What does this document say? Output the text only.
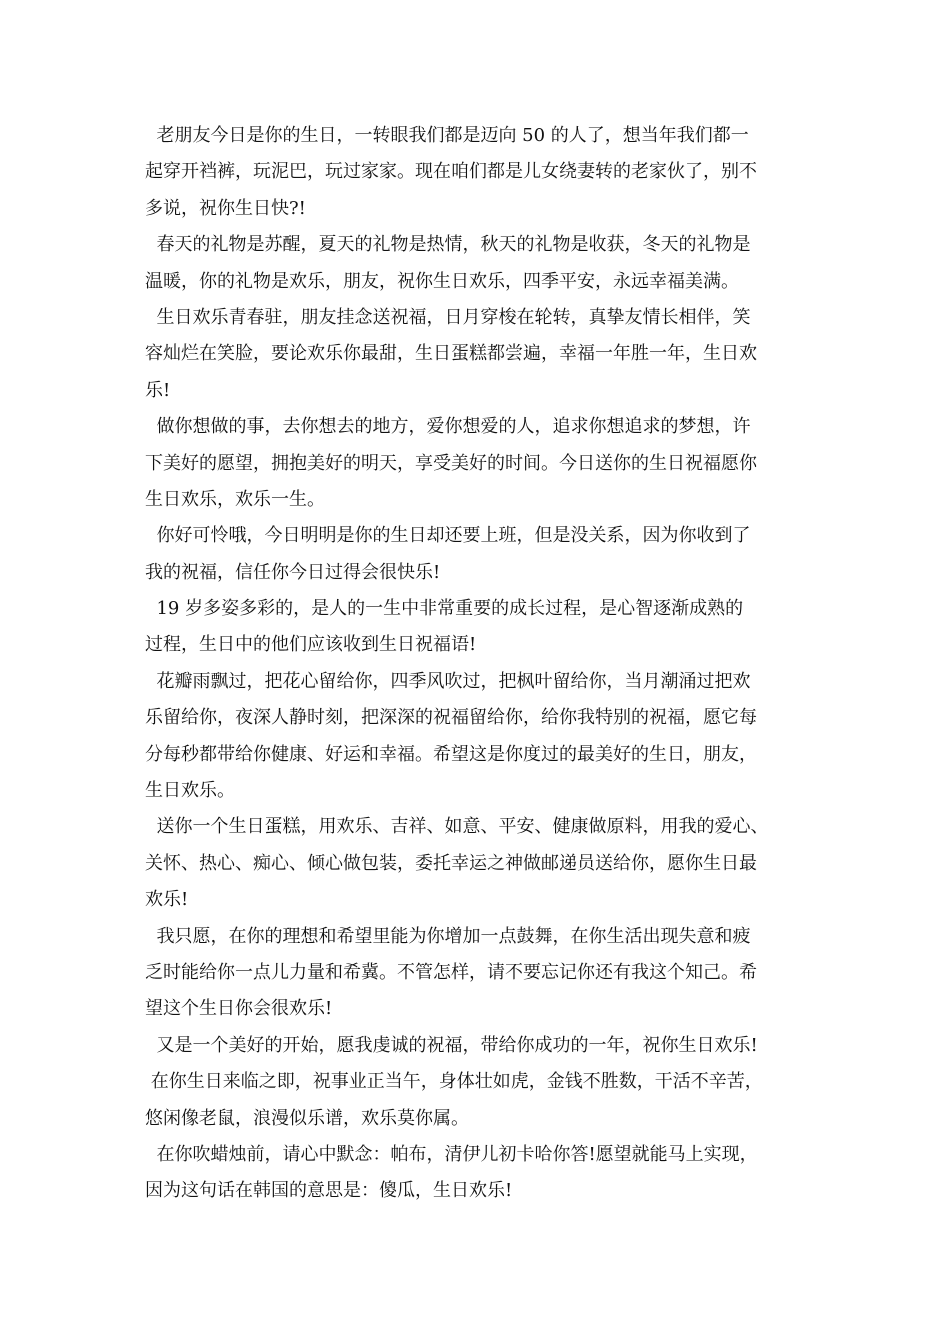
老朋友今日是你的生日，一转眼我们都是迈向 50 的人了，想当年我们都一
起穿开裆裤，玩泥巴，玩过家家。现在咱们都是儿女绕妻转的老家伙了，别不
多说，祝你生日快?!
春天的礼物是苏醒，夏天的礼物是热情，秋天的礼物是收获，冬天的礼物是
温暖，你的礼物是欢乐，朋友，祝你生日欢乐，四季平安，永远幸福美满。
生日欢乐青春驻，朋友挂念送祝福，日月穿梭在轮转，真挚友情长相伴，笑
容灿烂在笑脸，要论欢乐你最甜，生日蛋糕都尝遍，幸福一年胜一年，生日欢
乐!
做你想做的事，去你想去的地方，爱你想爱的人，追求你想追求的梦想，许
下美好的愿望，拥抱美好的明天，享受美好的时间。今日送你的生日祝福愿你
生日欢乐，欢乐一生。
你好可怜哦，今日明明是你的生日却还要上班，但是没关系，因为你收到了
我的祝福，信任你今日过得会很快乐!
19 岁多姿多彩的，是人的一生中非常重要的成长过程，是心智逐渐成熟的
过程，生日中的他们应该收到生日祝福语!
花瓣雨飘过，把花心留给你，四季风吹过，把枫叶留给你，当月潮涌过把欢
乐留给你，夜深人静时刻，把深深的祝福留给你，给你我特别的祝福，愿它每
分每秒都带给你健康、好运和幸福。希望这是你度过的最美好的生日，朋友，
生日欢乐。
送你一个生日蛋糕，用欢乐、吉祥、如意、平安、健康做原料，用我的爱心、
关怀、热心、痴心、倾心做包装，委托幸运之神做邮递员送给你，愿你生日最
欢乐!
我只愿，在你的理想和希望里能为你增加一点鼓舞，在你生活出现失意和疲
乏时能给你一点儿力量和希冀。不管怎样，请不要忘记你还有我这个知己。希
望这个生日你会很欢乐!
又是一个美好的开始，愿我虔诚的祝福，带给你成功的一年，祝你生日欢乐!
在你生日来临之即，祝事业正当午，身体壮如虎，金钱不胜数，干活不辛苦，
悠闲像老鼠，浪漫似乐谱，欢乐莫你属。
在你吹蜡烛前，请心中默念：帕布，清伊儿初卡哈你答!愿望就能马上实现，
因为这句话在韩国的意思是：傻瓜，生日欢乐!
